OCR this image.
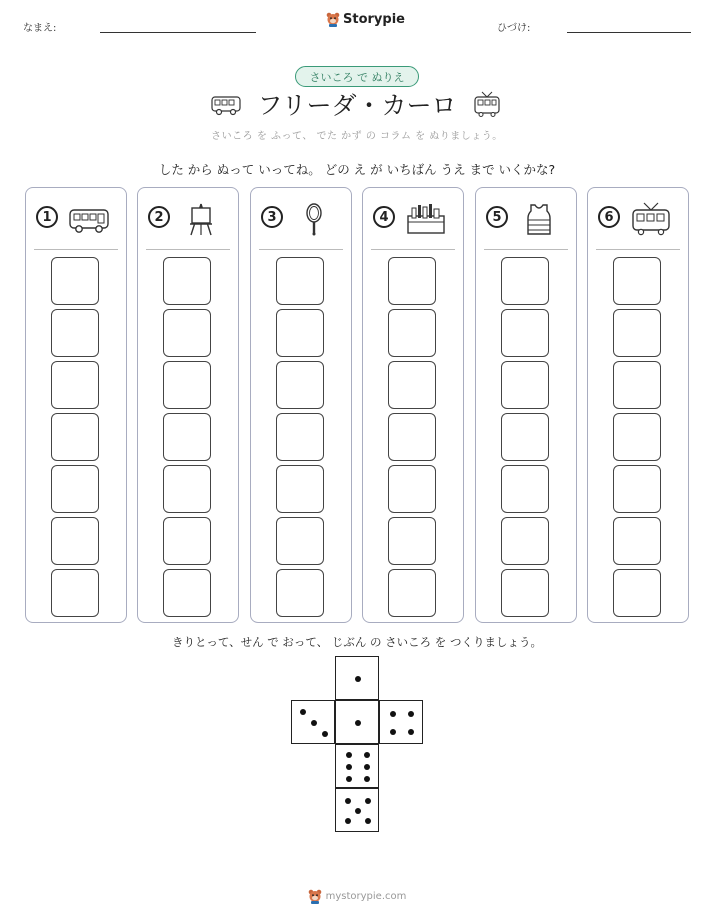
なまえ:
Storypie
ひづけ:
さいころ で ぬりえ
フリーダ・カーロ
さいころ を ふって、 でた かず の コラム を ぬりましょう。
した から ぬって いってね。 どの え が いちばん うえ まで いくかな?
1	2	3	4	5	6
きりとって、せん で おって、 じぶん の さいころ を つくりましょう。
mystorypie.com
